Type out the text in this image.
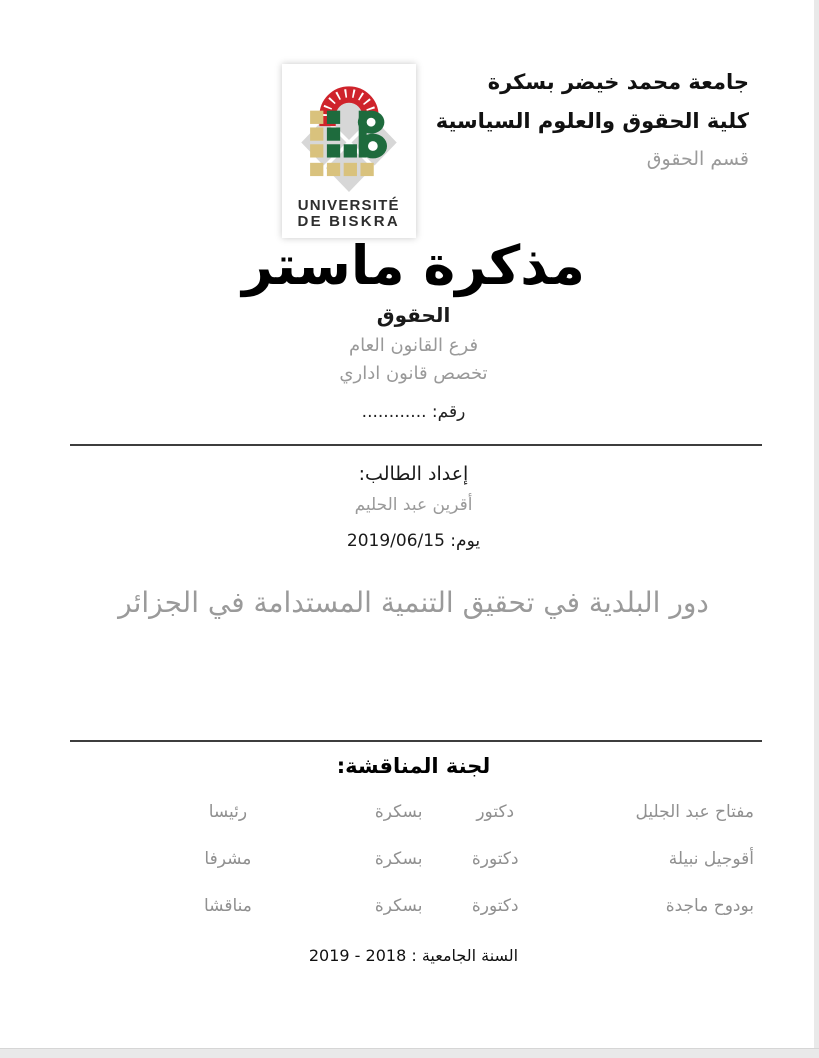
جامعة محمد خيضر بسكرة
كلية الحقوق والعلوم السياسية
قسم الحقوق
UNIVERSITÉ
DE BISKRA
مذكرة ماستر
الحقوق
فرع القانون العام
تخصص قانون اداري
رقم: ............
إعداد الطالب:
أقرين عبد الحليم
يوم: 2019/06/15
دور البلدية في تحقيق التنمية المستدامة في الجزائر
لجنة المناقشة:
مفتاح عبد الجليل
دكتور
بسكرة
رئيسا
أقوجيل نبيلة
دكتورة
بسكرة
مشرفا
بودوح ماجدة
دكتورة
بسكرة
مناقشا
السنة الجامعية : 2018 - 2019
